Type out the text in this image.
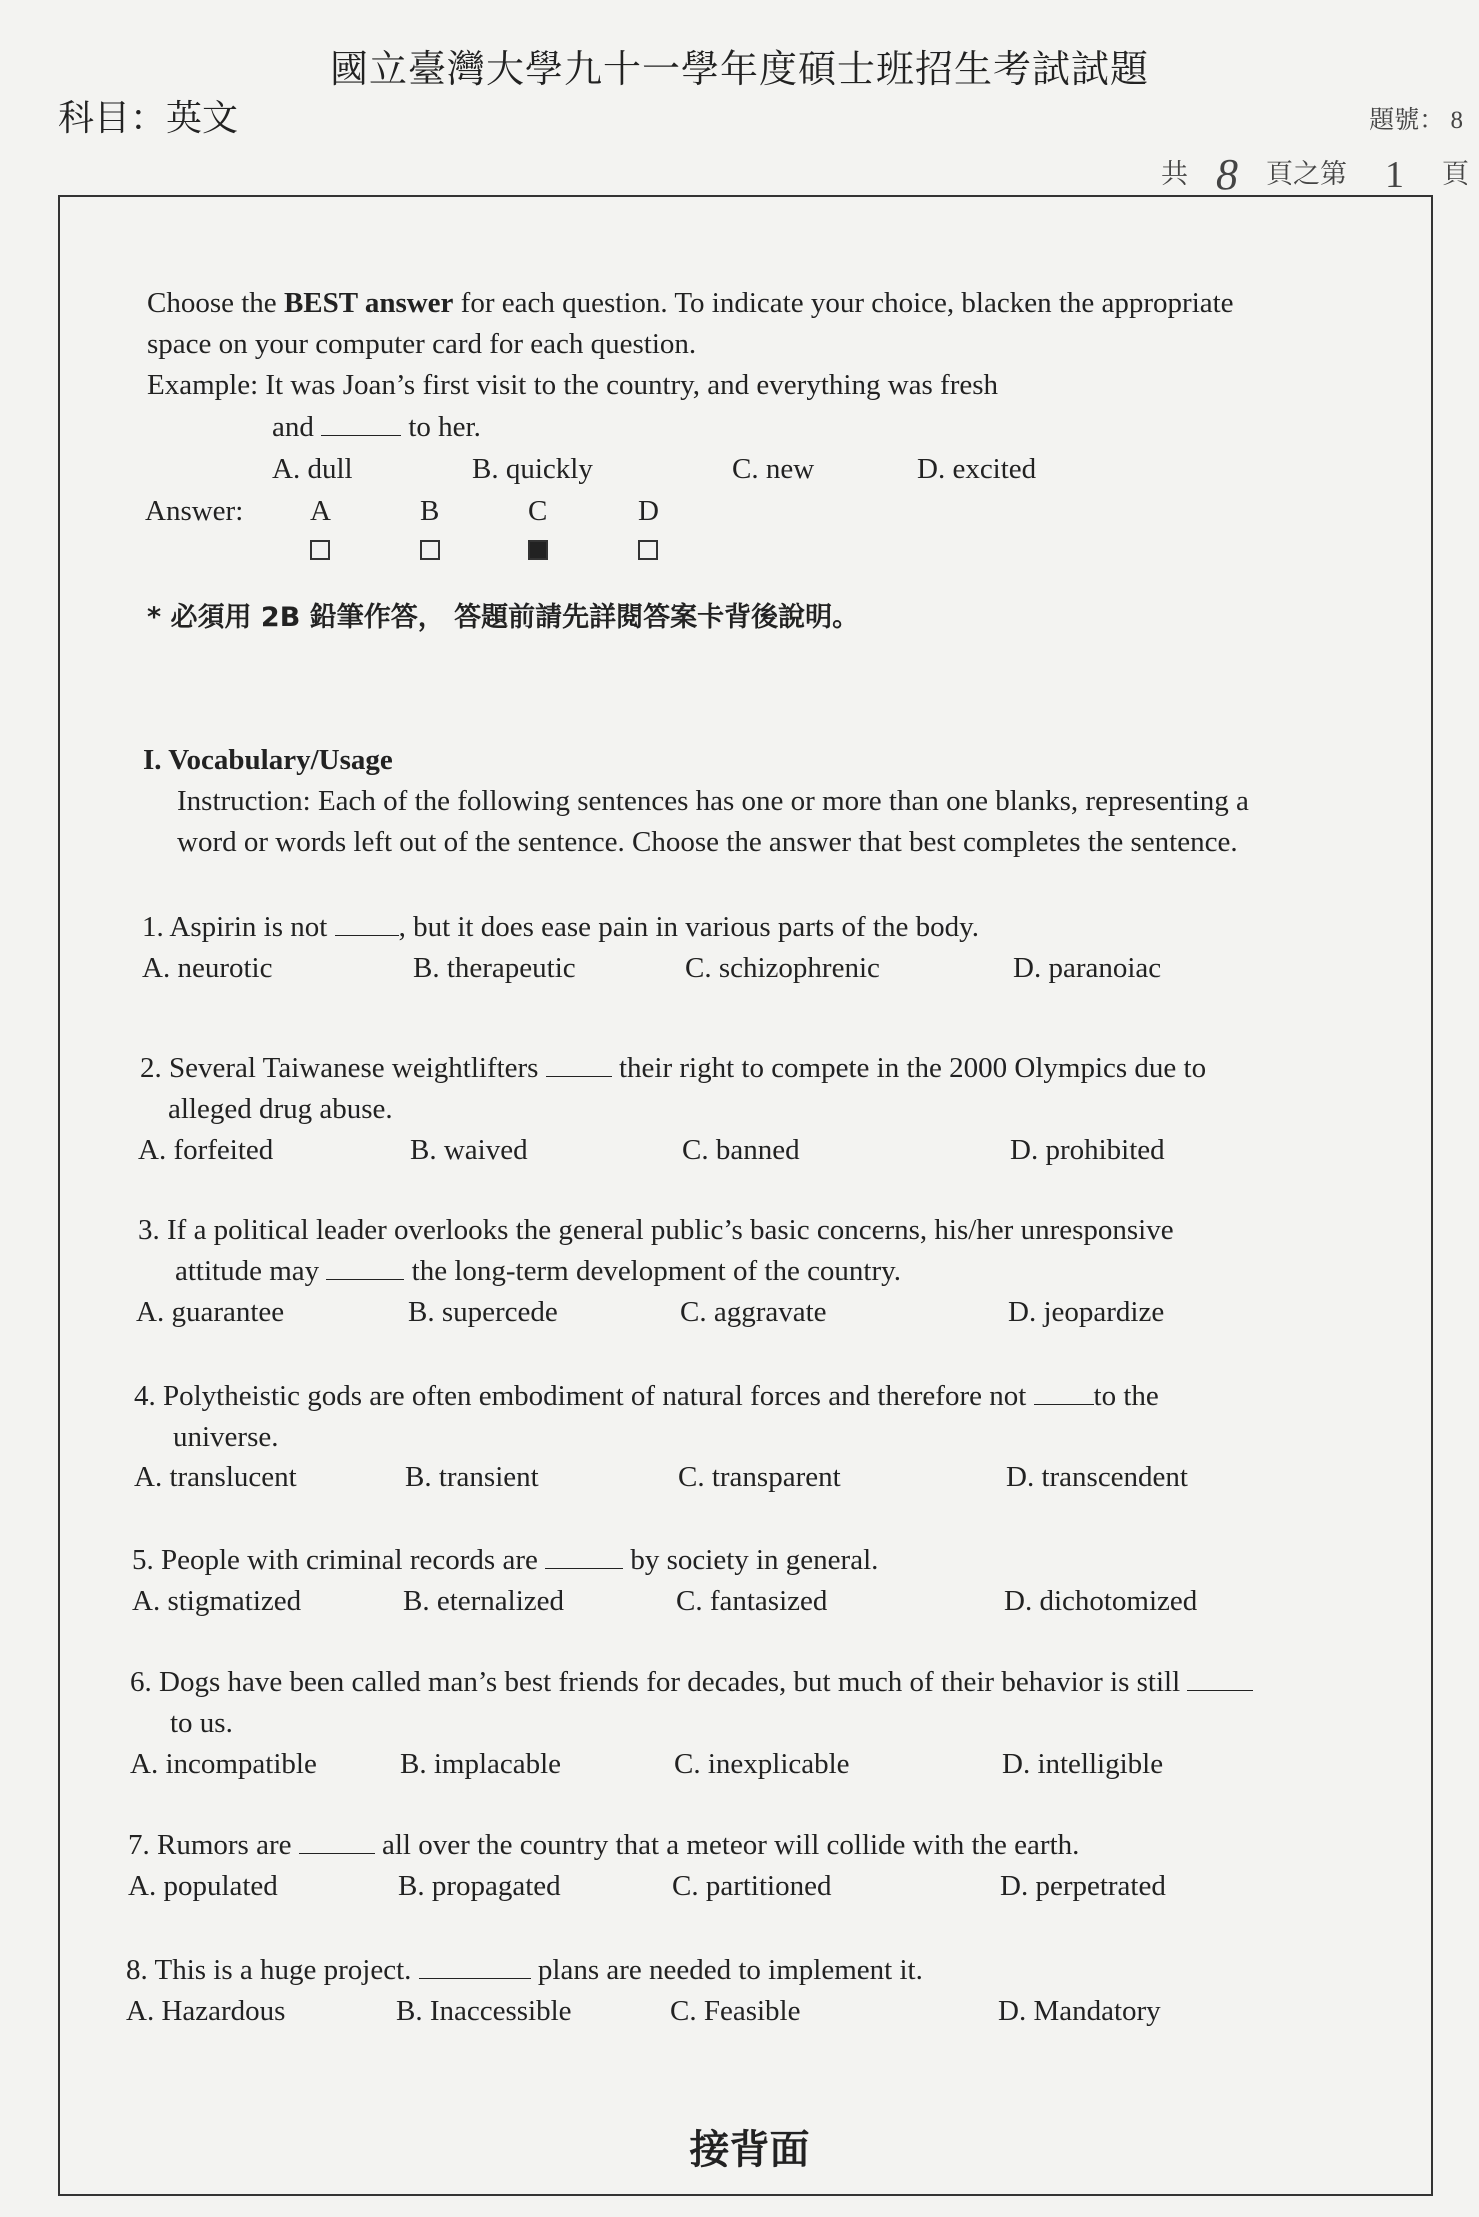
國立臺灣大學九十一學年度碩士班招生考試試題
科目：英文	題號： 8
共 8 頁之第 1 頁
Choose the BEST answer for each question. To indicate your choice, blacken the appropriate
space on your computer card for each question.
Example: It was Joan’s first visit to the country, and everything was fresh
and	to her.
A. dull	B. quickly	C. new	D. excited
Answer: A	B	C	D
* 必須用 2B 鉛筆作答， 答題前請先詳閱答案卡背後說明。
I. Vocabulary/Usage
Instruction: Each of the following sentences has one or more than one blanks, representing a
word or words left out of the sentence. Choose the answer that best completes the sentence.
1. Aspirin is not , but it does ease pain in various parts of the body.
A. neurotic	B. therapeutic	C. schizophrenic	D. paranoiac
2. Several Taiwanese weightlifters  their right to compete in the 2000 Olympics due to
alleged drug abuse.
A. forfeited	B. waived	C. banned	D. prohibited
3. If a political leader overlooks the general public’s basic concerns, his/her unresponsive
attitude may	the long-term development of the country.
A. guarantee	B. supercede	C. aggravate	D. jeopardize
4. Polytheistic gods are often embodiment of natural forces and therefore not to the
universe.
A. translucent	B. transient	C. transparent	D. transcendent
5. People with criminal records are	by society in general.
A. stigmatized	B. eternalized	C. fantasized	D. dichotomized
6. Dogs have been called man’s best friends for decades, but much of their behavior is still
to us.
A. incompatible	B. implacable	C. inexplicable	D. intelligible
7. Rumors are	all over the country that a meteor will collide with the earth.
A. populated	B. propagated	C. partitioned	D. perpetrated
8. This is a huge project.	plans are needed to implement it.
A. Hazardous	B. Inaccessible	C. Feasible	D. Mandatory
接背面
